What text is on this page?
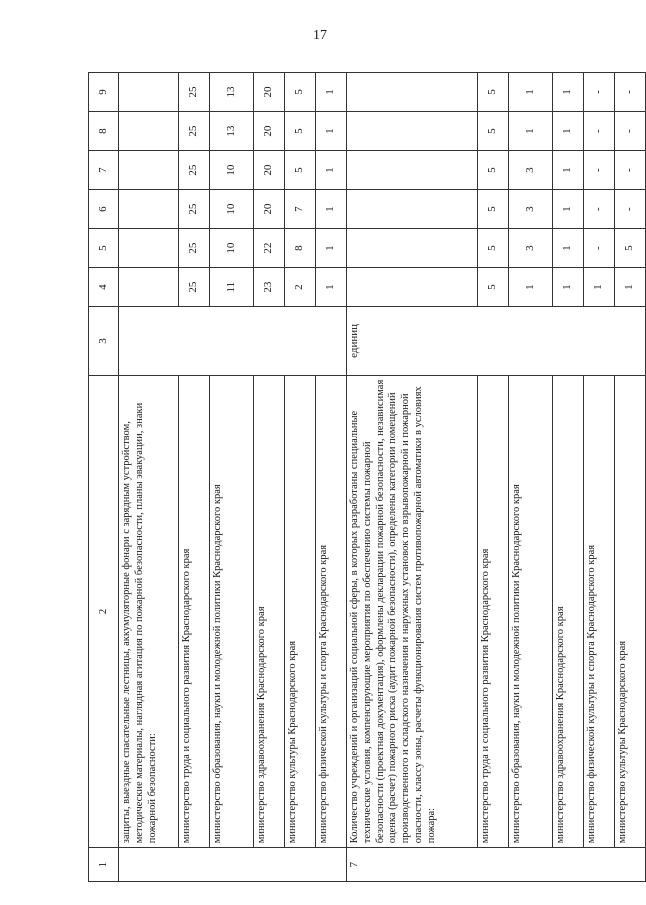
17
1	2	3	4	5	6	7	8	9
	защиты, выездные спасательные лестницы, аккумуляторные фонари с зарядным устройством, методические материалы, наглядная агитация по пожарной безопасности, планы эвакуации, знаки пожарной безопасности:							
	министерство труда и социального развития Краснодарского края		25	25	25	25	25	25
	министерство образования, науки и молодежной политики Краснодарского края		11	10	10	10	13	13
	министерство здравоохранения Краснодарского края		23	22	20	20	20	20
	министерство культуры Краснодарского края		2	8	7	5	5	5
	министерство физической культуры и спорта Краснодарского края		1	1	1	1	1	1
7	Количество учреждений и организаций социальной сферы, в которых разработаны специальные технические условия, компенсирующие мероприятия по обеспечению системы пожарной безопасности (проектная документация), оформлены декларации пожарной безопасности, независимая оценка (расчет) пожарного риска (аудит пожарной безопасности), определены категории помещений производственного и складского назначения и наружных установок по взрывопожарной и пожарной опасности, классу зоны, расчеты функционирования систем противопожарной автоматики в условиях пожара:	единиц						
	министерство труда и социального развития Краснодарского края		5	5	5	5	5	5
	министерство образования, науки и молодежной политики Краснодарского края		1	3	3	3	1	1
	министерство здравоохранения Краснодарского края		1	1	1	1	1	1
	министерство физической культуры и спорта Краснодарского края		1	-	-	-	-	-
	министерство культуры Краснодарского края		1	5	-	-	-	-
